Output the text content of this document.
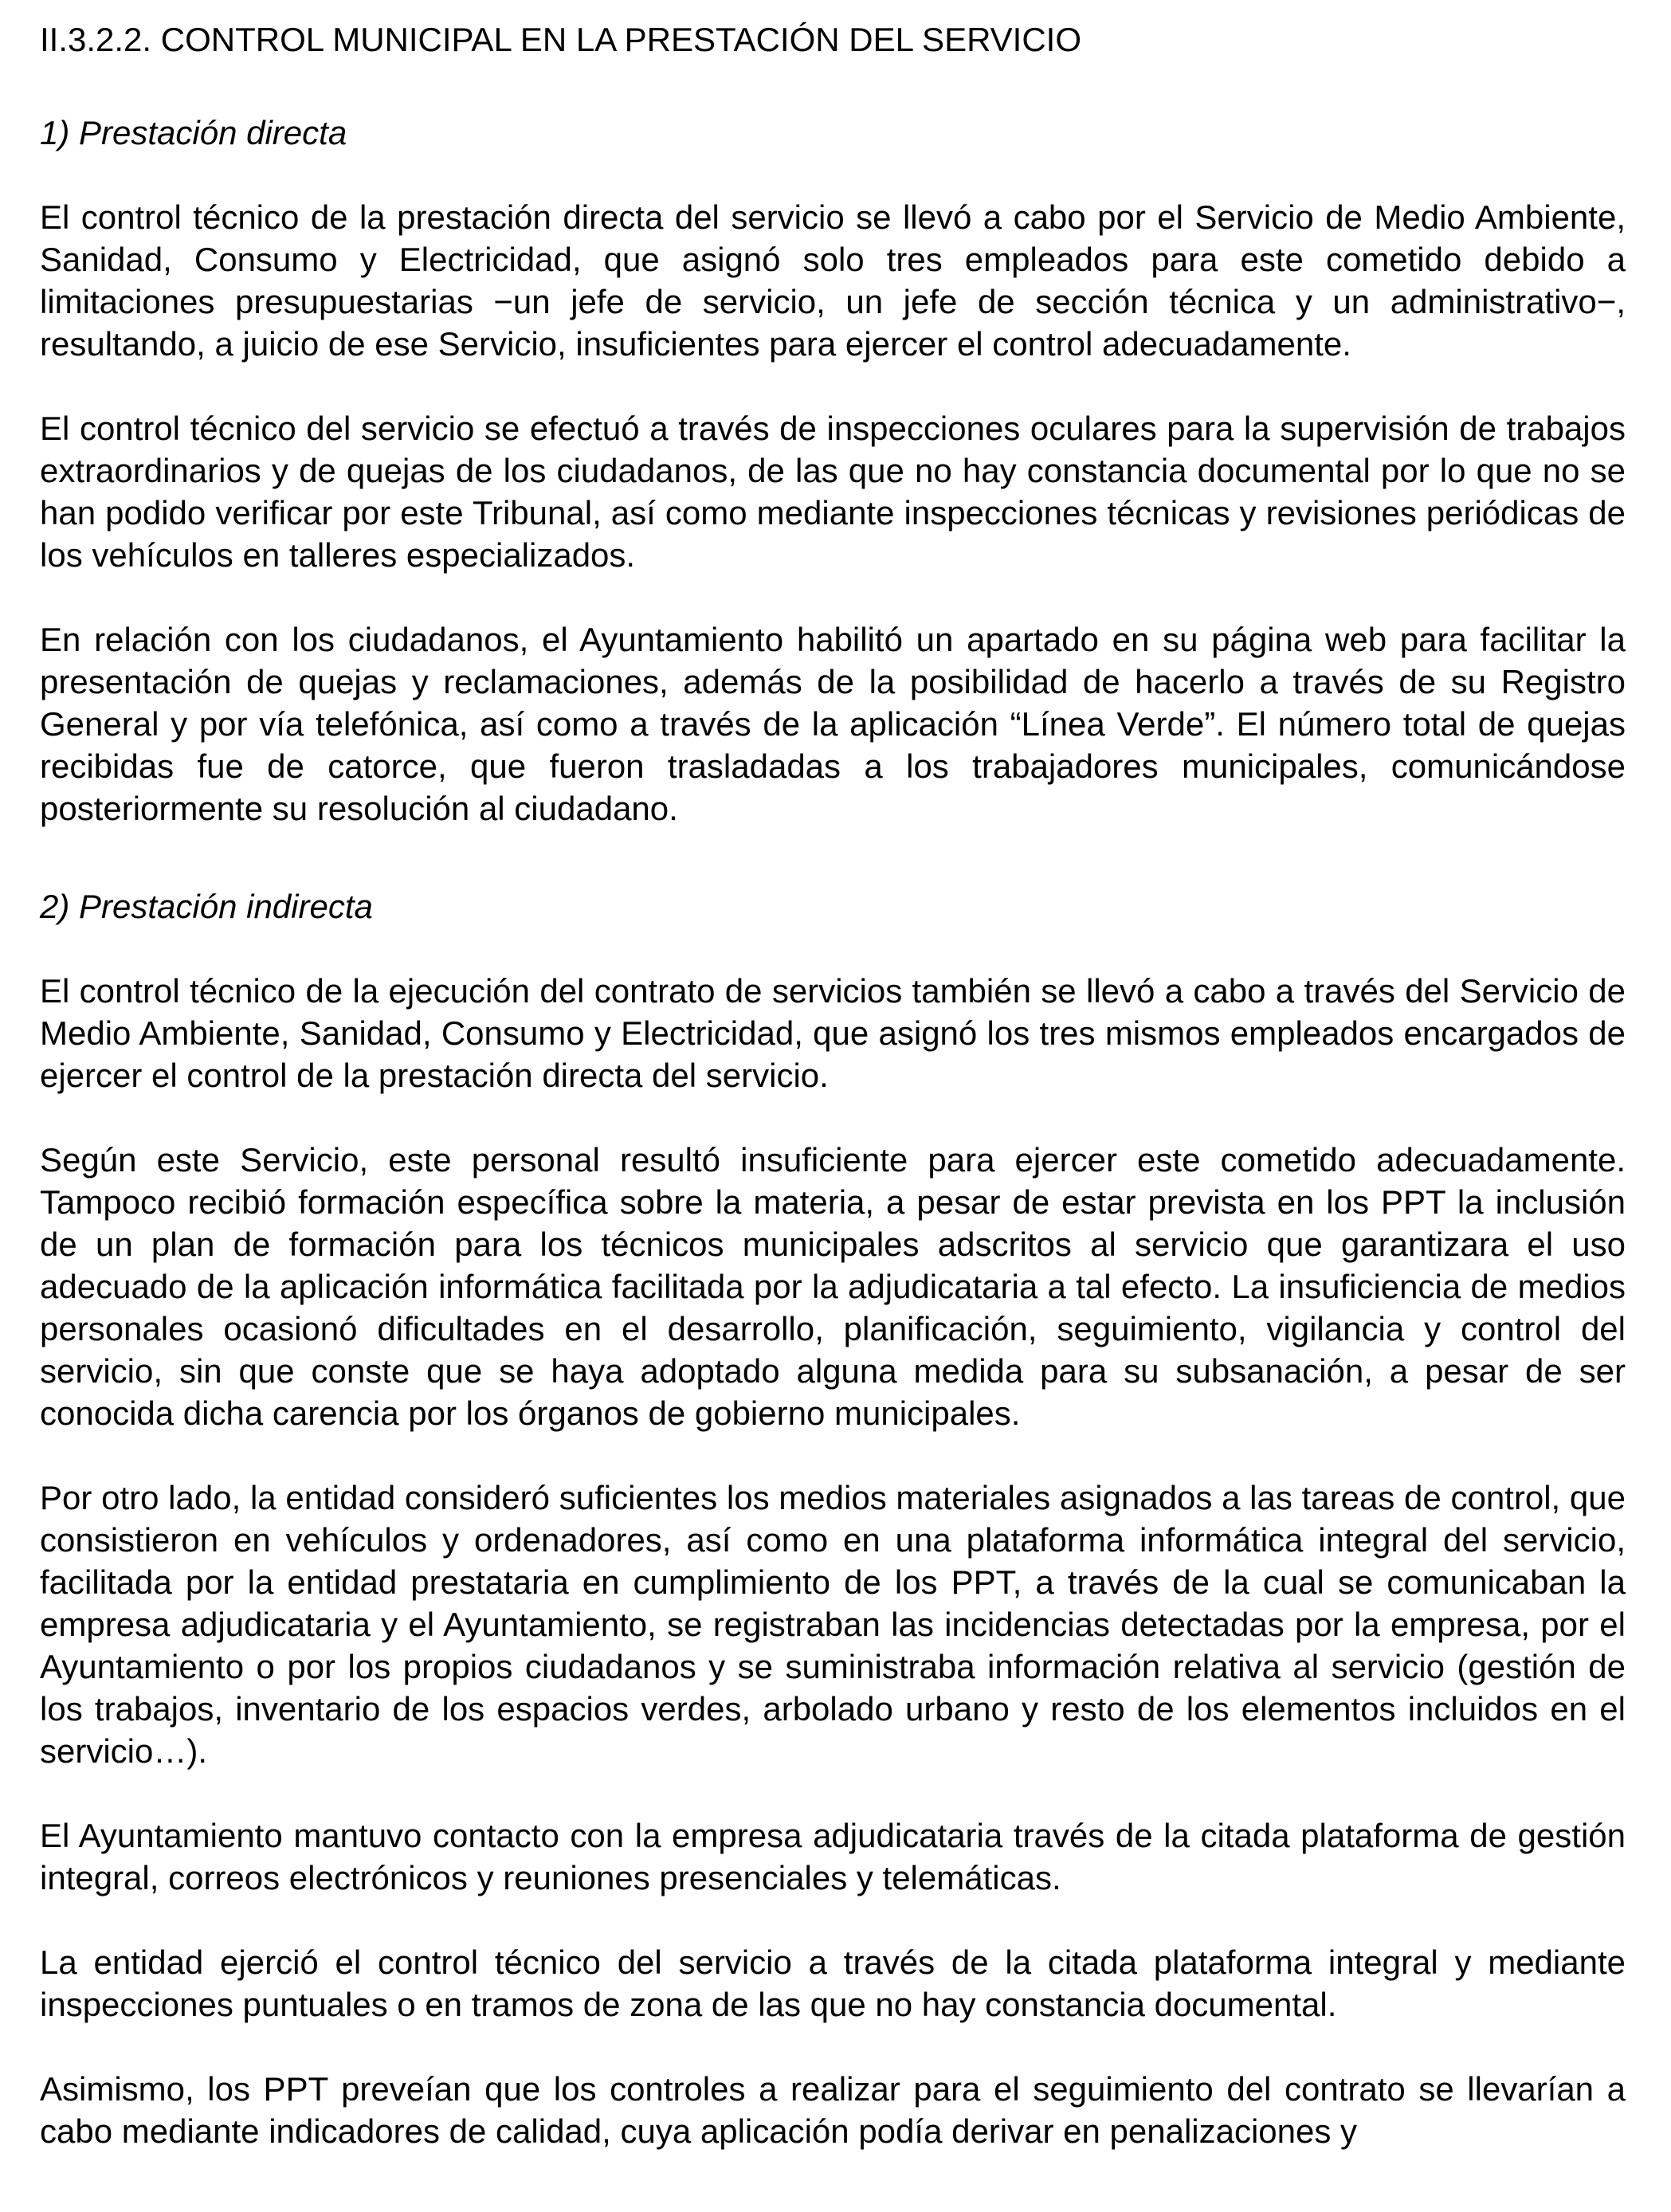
II.3.2.2. CONTROL MUNICIPAL EN LA PRESTACIÓN DEL SERVICIO
1) Prestación directa

El control técnico de la prestación directa del servicio se llevó a cabo por el Servicio de Medio Ambiente, Sanidad, Consumo y Electricidad, que asignó solo tres empleados para este cometido debido a limitaciones presupuestarias −un jefe de servicio, un jefe de sección técnica y un administrativo−, resultando, a juicio de ese Servicio, insuficientes para ejercer el control adecuadamente.

El control técnico del servicio se efectuó a través de inspecciones oculares para la supervisión de trabajos extraordinarios y de quejas de los ciudadanos, de las que no hay constancia documental por lo que no se han podido verificar por este Tribunal, así como mediante inspecciones técnicas y revisiones periódicas de los vehículos en talleres especializados.

En relación con los ciudadanos, el Ayuntamiento habilitó un apartado en su página web para facilitar la presentación de quejas y reclamaciones, además de la posibilidad de hacerlo a través de su Registro General y por vía telefónica, así como a través de la aplicación “Línea Verde”. El número total de quejas recibidas fue de catorce, que fueron trasladadas a los trabajadores municipales, comunicándose posteriormente su resolución al ciudadano.

2) Prestación indirecta

El control técnico de la ejecución del contrato de servicios también se llevó a cabo a través del Servicio de Medio Ambiente, Sanidad, Consumo y Electricidad, que asignó los tres mismos empleados encargados de ejercer el control de la prestación directa del servicio.

Según este Servicio, este personal resultó insuficiente para ejercer este cometido adecuadamente. Tampoco recibió formación específica sobre la materia, a pesar de estar prevista en los PPT la inclusión de un plan de formación para los técnicos municipales adscritos al servicio que garantizara el uso adecuado de la aplicación informática facilitada por la adjudicataria a tal efecto. La insuficiencia de medios personales ocasionó dificultades en el desarrollo, planificación, seguimiento, vigilancia y control del servicio, sin que conste que se haya adoptado alguna medida para su subsanación, a pesar de ser conocida dicha carencia por los órganos de gobierno municipales.

Por otro lado, la entidad consideró suficientes los medios materiales asignados a las tareas de control, que consistieron en vehículos y ordenadores, así como en una plataforma informática integral del servicio, facilitada por la entidad prestataria en cumplimiento de los PPT, a través de la cual se comunicaban la empresa adjudicataria y el Ayuntamiento, se registraban las incidencias detectadas por la empresa, por el Ayuntamiento o por los propios ciudadanos y se suministraba información relativa al servicio (gestión de los trabajos, inventario de los espacios verdes, arbolado urbano y resto de los elementos incluidos en el servicio…).

El Ayuntamiento mantuvo contacto con la empresa adjudicataria través de la citada plataforma de gestión integral, correos electrónicos y reuniones presenciales y telemáticas.

La entidad ejerció el control técnico del servicio a través de la citada plataforma integral y mediante inspecciones puntuales o en tramos de zona de las que no hay constancia documental.

Asimismo, los PPT preveían que los controles a realizar para el seguimiento del contrato se llevarían a cabo mediante indicadores de calidad, cuya aplicación podía derivar en penalizaciones y
